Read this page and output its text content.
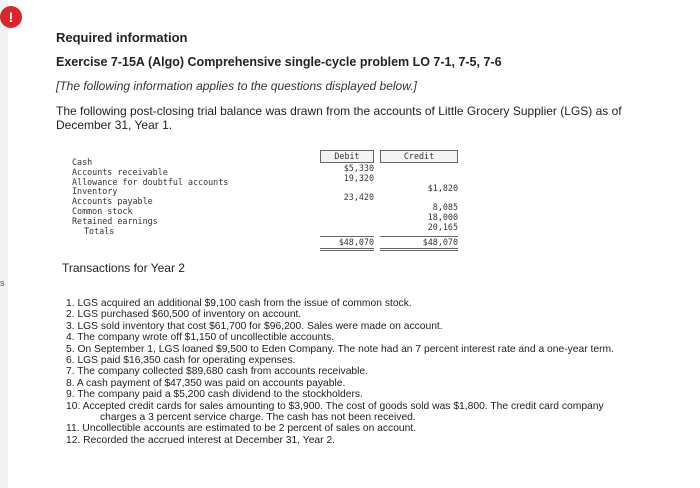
s
!
Required information
Exercise 7-15A (Algo) Comprehensive single-cycle problem LO 7-1, 7-5, 7-6
[The following information applies to the questions displayed below.]
The following post-closing trial balance was drawn from the accounts of Little Grocery Supplier (LGS) as of December 31, Year 1.
Cash
Accounts receivable
Allowance for doubtful accounts
Inventory
Accounts payable
Common stock
Retained earnings
Totals
Debit
$5,330
19,320
23,420
$48,070
Credit
$1,820
8,085
18,000
20,165
$48,070
Transactions for Year 2
1. LGS acquired an additional $9,100 cash from the issue of common stock.
2. LGS purchased $60,500 of inventory on account.
3. LGS sold inventory that cost $61,700 for $96,200. Sales were made on account.
4. The company wrote off $1,150 of uncollectible accounts.
5. On September 1, LGS loaned $9,500 to Eden Company. The note had an 7 percent interest rate and a one-year term.
6. LGS paid $16,350 cash for operating expenses.
7. The company collected $89,680 cash from accounts receivable.
8. A cash payment of $47,350 was paid on accounts payable.
9. The company paid a $5,200 cash dividend to the stockholders.
10. Accepted credit cards for sales amounting to $3,900. The cost of goods sold was $1,800. The credit card company
charges a 3 percent service charge. The cash has not been received.
11. Uncollectible accounts are estimated to be 2 percent of sales on account.
12. Recorded the accrued interest at December 31, Year 2.
